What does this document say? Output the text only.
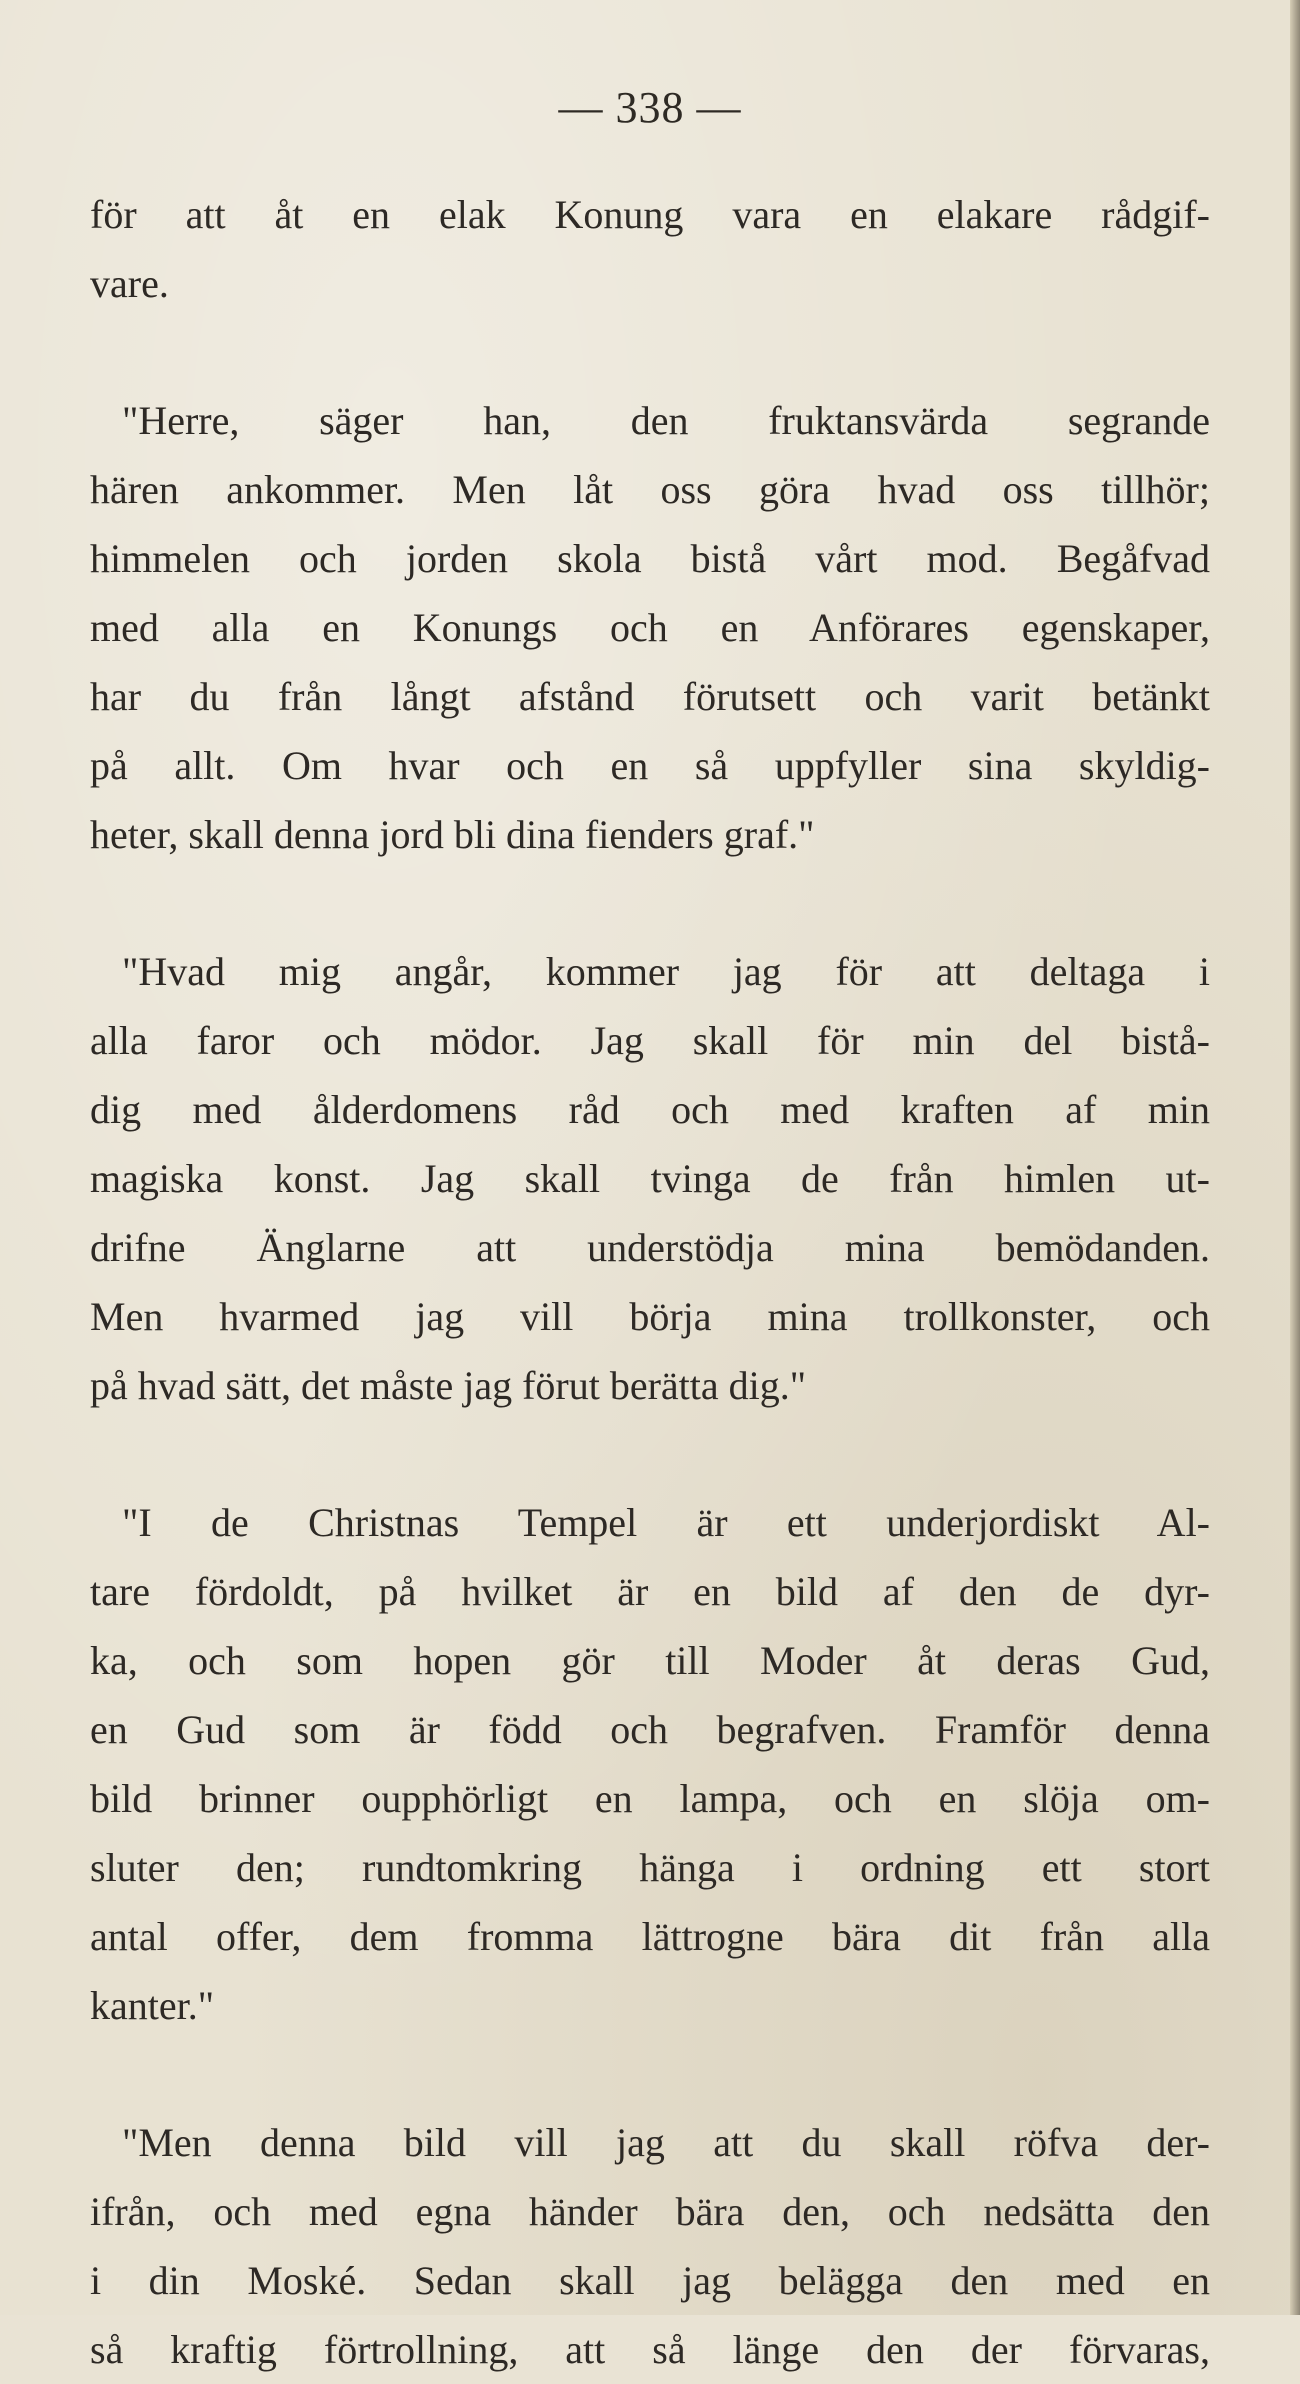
— 338 —
för att åt en elak Konung vara en elakare rådgif-
vare.
"Herre, säger han, den fruktansvärda segrande
hären ankommer. Men låt oss göra hvad oss tillhör;
himmelen och jorden skola bistå vårt mod. Begåfvad
med alla en Konungs och en Anförares egenskaper,
har du från långt afstånd förutsett och varit betänkt
på allt. Om hvar och en så uppfyller sina skyldig-
heter, skall denna jord bli dina fienders graf."
"Hvad mig angår, kommer jag för att deltaga i
alla faror och mödor. Jag skall för min del bistå-
dig med ålderdomens råd och med kraften af min
magiska konst. Jag skall tvinga de från himlen ut-
drifne Änglarne att understödja mina bemödanden.
Men hvarmed jag vill börja mina trollkonster, och
på hvad sätt, det måste jag förut berätta dig."
"I de Christnas Tempel är ett underjordiskt Al-
tare fördoldt, på hvilket är en bild af den de dyr-
ka, och som hopen gör till Moder åt deras Gud,
en Gud som är född och begrafven. Framför denna
bild brinner oupphörligt en lampa, och en slöja om-
sluter den; rundtomkring hänga i ordning ett stort
antal offer, dem fromma lättrogne bära dit från alla
kanter."
"Men denna bild vill jag att du skall röfva der-
ifrån, och med egna händer bära den, och nedsätta den
i din Moské. Sedan skall jag belägga den med en
så kraftig förtrollning, att så länge den der förvaras,
